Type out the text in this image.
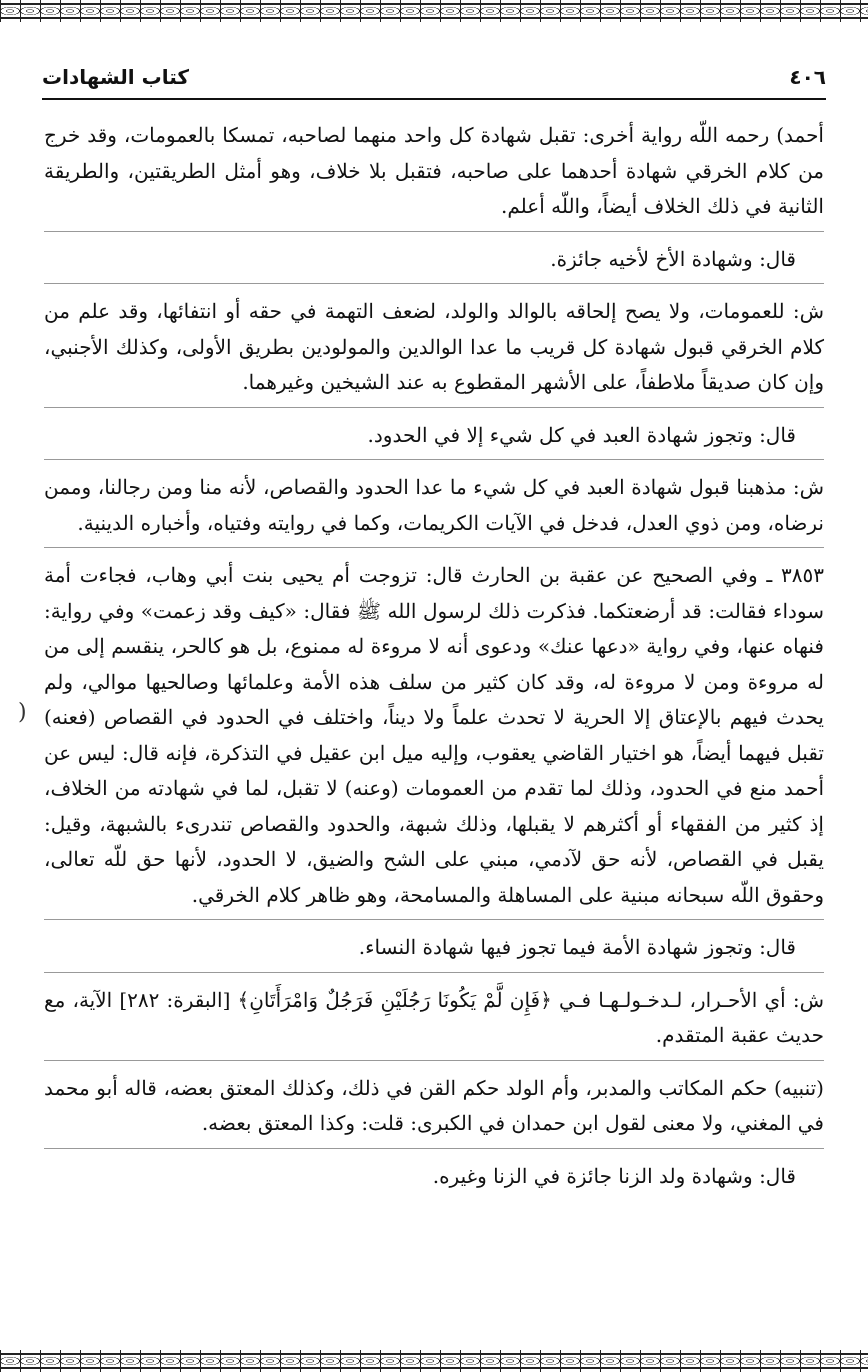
٤٠٦
كتاب الشهادات
)

أحمد) رحمه اللّه رواية أخرى: تقبل شهادة كل واحد منهما لصاحبه، تمسكا بالعمومات، وقد خرج من كلام الخرقي شهادة أحدهما على صاحبه، فتقبل بلا خلاف، وهو أمثل الطريقتين، والطريقة الثانية في ذلك الخلاف أيضاً، واللّه أعلم.

قال: وشهادة الأخ لأخيه جائزة.

ش: للعمومات، ولا يصح إلحاقه بالوالد والولد، لضعف التهمة في حقه أو انتفائها، وقد علم من كلام الخرقي قبول شهادة كل قريب ما عدا الوالدين والمولودين بطريق الأولى، وكذلك الأجنبي، وإن كان صديقاً ملاطفاً، على الأشهر المقطوع به عند الشيخين وغيرهما.

قال: وتجوز شهادة العبد في كل شيء إلا في الحدود.

ش: مذهبنا قبول شهادة العبد في كل شيء ما عدا الحدود والقصاص، لأنه منا ومن رجالنا، وممن نرضاه، ومن ذوي العدل، فدخل في الآيات الكريمات، وكما في روايته وفتياه، وأخباره الدينية.

٣٨٥٣ ـ وفي الصحيح عن عقبة بن الحارث قال: تزوجت أم يحيى بنت أبي وهاب، فجاءت أمة سوداء فقالت: قد أرضعتكما. فذكرت ذلك لرسول الله ﷺ فقال: «كيف وقد زعمت» وفي رواية: فنهاه عنها، وفي رواية «دعها عنك» ودعوى أنه لا مروءة له ممنوع، بل هو كالحر، ينقسم إلى من له مروءة ومن لا مروءة له، وقد كان كثير من سلف هذه الأمة وعلمائها وصالحيها موالي، ولم يحدث فيهم بالإعتاق إلا الحرية لا تحدث علماً ولا ديناً، واختلف في الحدود في القصاص (فعنه) تقبل فيهما أيضاً، هو اختيار القاضي يعقوب، وإليه ميل ابن عقيل في التذكرة، فإنه قال: ليس عن أحمد منع في الحدود، وذلك لما تقدم من العمومات (وعنه) لا تقبل، لما في شهادته من الخلاف، إذ كثير من الفقهاء أو أكثرهم لا يقبلها، وذلك شبهة، والحدود والقصاص تندرىء بالشبهة، وقيل: يقبل في القصاص، لأنه حق لآدمي، مبني على الشح والضيق، لا الحدود، لأنها حق للّه تعالى، وحقوق اللّه سبحانه مبنية على المساهلة والمسامحة، وهو ظاهر كلام الخرقي.

قال: وتجوز شهادة الأمة فيما تجوز فيها شهادة النساء.

ش: أي الأحـرار، لـدخـولـهـا فـي ﴿فَإِن لَّمْ يَكُونَا رَجُلَيْنِ فَرَجُلٌ وَامْرَأَتَانِ﴾ [البقرة: ٢٨٢] الآية، مع حديث عقبة المتقدم.

(تنبيه) حكم المكاتب والمدبر، وأم الولد حكم القن في ذلك، وكذلك المعتق بعضه، قاله أبو محمد في المغني، ولا معنى لقول ابن حمدان في الكبرى: قلت: وكذا المعتق بعضه.

قال: وشهادة ولد الزنا جائزة في الزنا وغيره.
